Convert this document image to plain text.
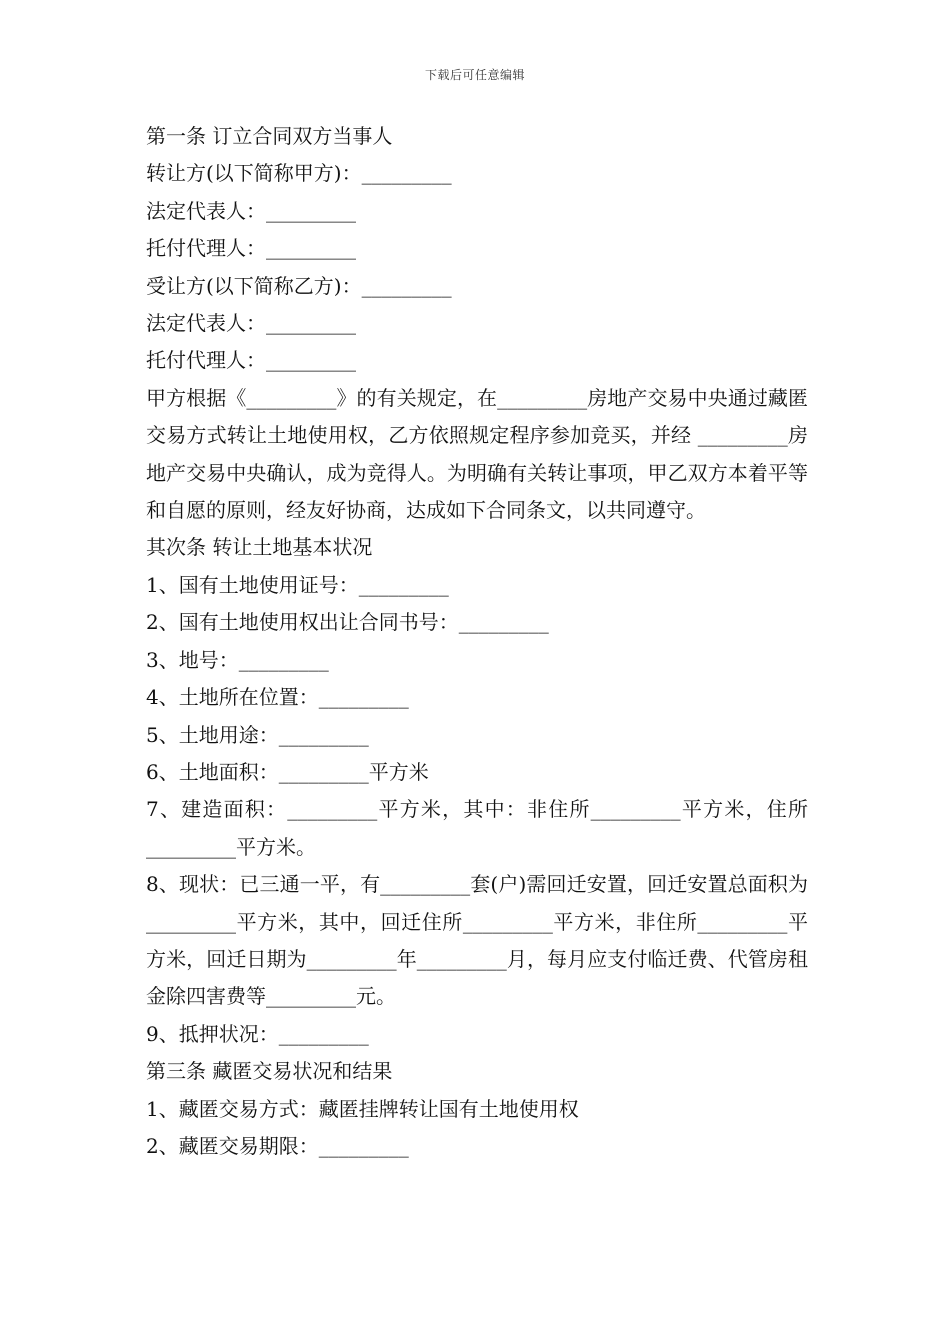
下载后可任意编辑

第一条 订立合同双方当事人

转让方(以下简称甲方)：_________

法定代表人：_________

托付代理人：_________

受让方(以下简称乙方)：_________

法定代表人：_________

托付代理人：_________

甲方根据《_________》的有关规定，在_________房地产交易中央通过藏匿交易方式转让土地使用权，乙方依照规定程序参加竞买，并经 _________房地产交易中央确认，成为竞得人。为明确有关转让事项，甲乙双方本着平等和自愿的原则，经友好协商，达成如下合同条文，以共同遵守。

其次条 转让土地基本状况

1、国有土地使用证号：_________

2、国有土地使用权出让合同书号：_________

3、地号：_________

4、土地所在位置：_________

5、土地用途：_________

6、土地面积：_________平方米

7、建造面积：_________平方米，其中：非住所_________平方米，住所_________平方米。

8、现状：已三通一平，有_________套(户)需回迁安置，回迁安置总面积为_________平方米，其中，回迁住所_________平方米，非住所_________平方米，回迁日期为_________年_________月，每月应支付临迁费、代管房租金除四害费等_________元。

9、抵押状况：_________

第三条 藏匿交易状况和结果

1、藏匿交易方式：藏匿挂牌转让国有土地使用权

2、藏匿交易期限：_________
